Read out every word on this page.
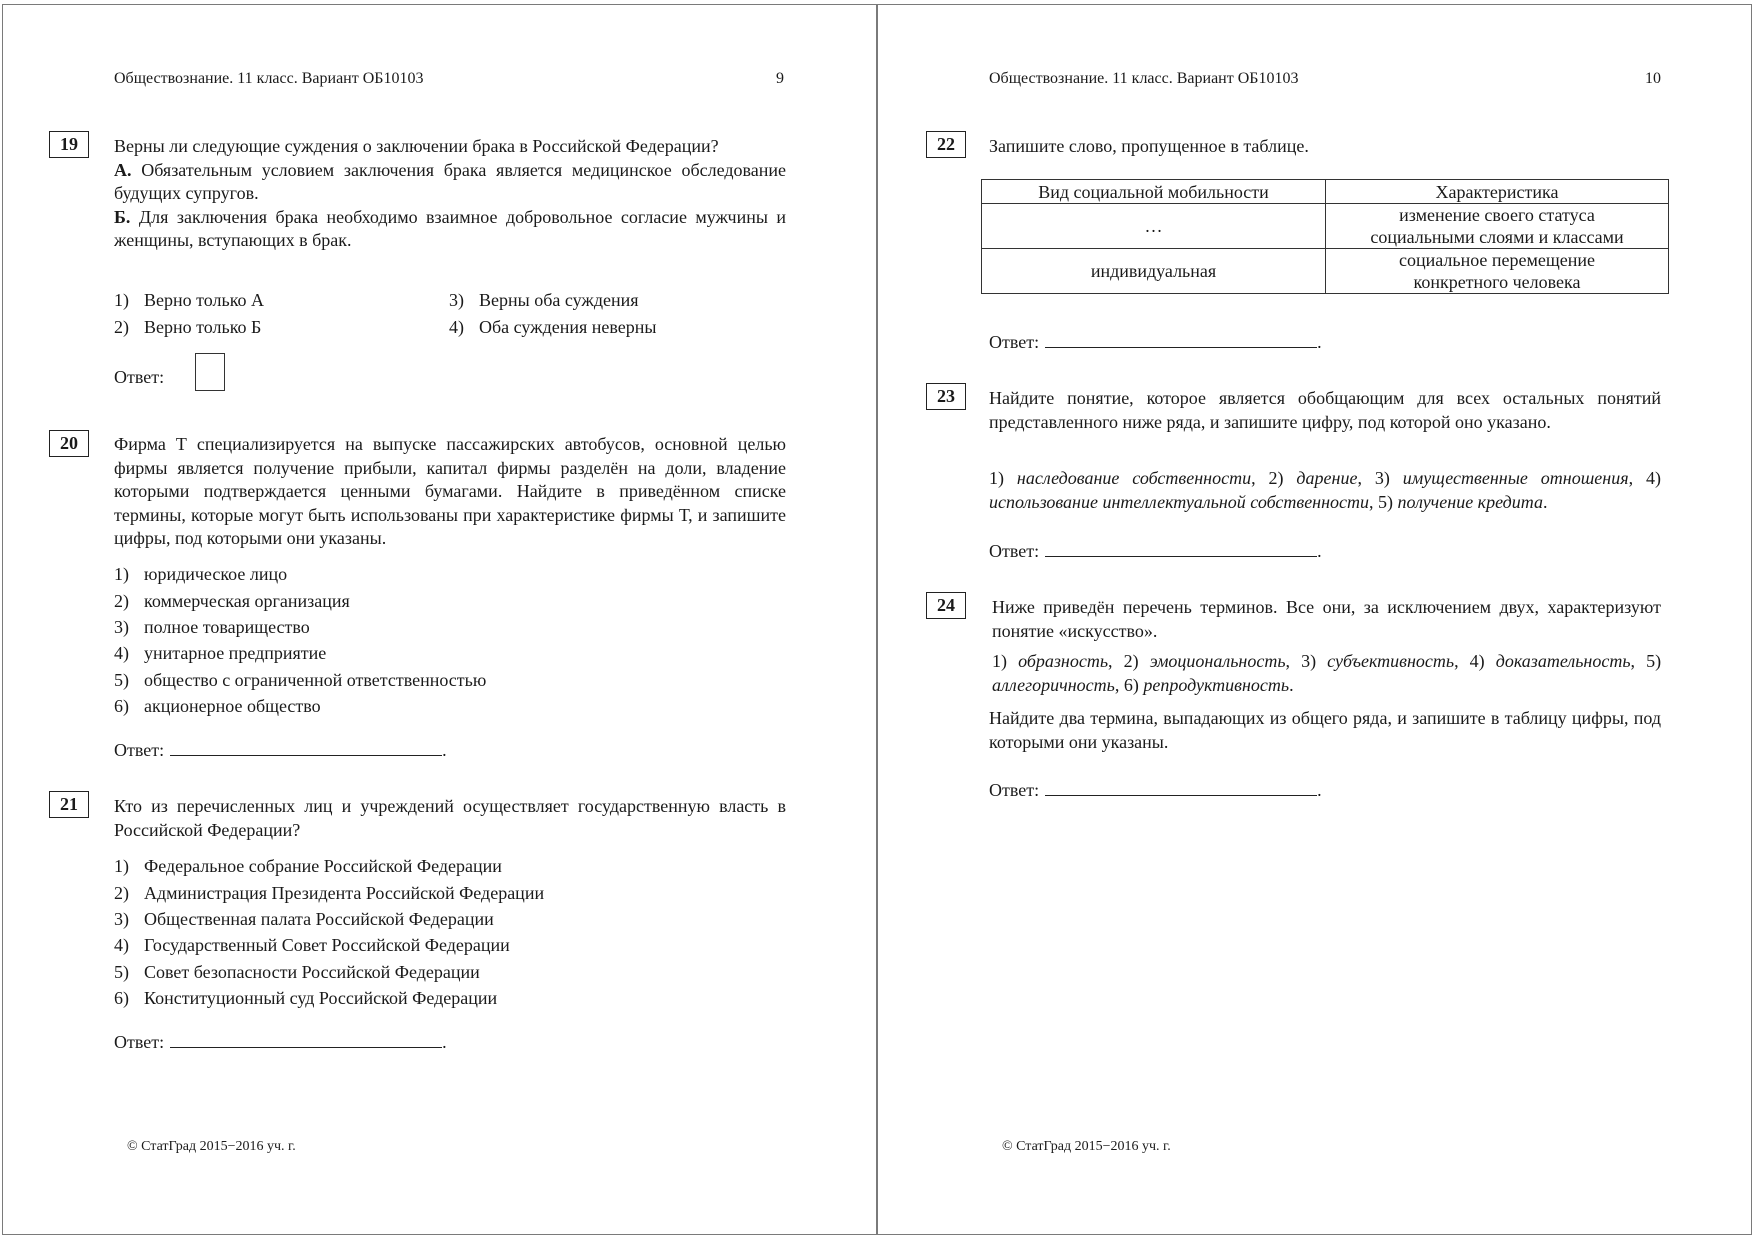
Обществознание. 11 класс. Вариант ОБ10103	9
19	Верны ли следующие суждения о заключении брака в Российской Федерации?

А. Обязательным условием заключения брака является медицинское обследование будущих супругов.

Б. Для заключения брака необходимо взаимное добровольное согласие мужчины и женщины, вступающих в брак.

1) Верно только А
2) Верно только Б
3) Верны оба суждения
4) Оба суждения неверны
Ответ:
20	Фирма Т специализируется на выпуске пассажирских автобусов, основной целью фирмы является получение прибыли, капитал фирмы разделён на доли, владение которыми подтверждается ценными бумагами. Найдите в приведённом списке термины, которые могут быть использованы при характеристике фирмы Т, и запишите цифры, под которыми они указаны.
1) юридическое лицо
2) коммерческая организация
3) полное товарищество
4) унитарное предприятие
5) общество с ограниченной ответственностью
6) акционерное общество
Ответ:	.
21	Кто из перечисленных лиц и учреждений осуществляет государственную власть в Российской Федерации?
1) Федеральное собрание Российской Федерации
2) Администрация Президента Российской Федерации
3) Общественная палата Российской Федерации
4) Государственный Совет Российской Федерации
5) Совет безопасности Российской Федерации
6) Конституционный суд Российской Федерации
Ответ:	.
© СтатГрад 2015−2016 уч. г.
Обществознание. 11 класс. Вариант ОБ10103	10
22	Запишите слово, пропущенное в таблице.
Вид социальной мобильности	Характеристика
…	изменение своего статуса
социальными слоями и классами
индивидуальная	социальное перемещение
конкретного человека
Ответ:	.
23	Найдите понятие, которое является обобщающим для всех остальных понятий представленного ниже ряда, и запишите цифру, под которой оно указано.
1) наследование собственности, 2) дарение, 3) имущественные отношения, 4) использование интеллектуальной собственности, 5) получение кредита.
Ответ:	.
24	Ниже приведён перечень терминов. Все они, за исключением двух, характеризуют понятие «искусство».
1) образность, 2) эмоциональность, 3) субъективность, 4) доказательность, 5) аллегоричность, 6) репродуктивность.
Найдите два термина, выпадающих из общего ряда, и запишите в таблицу цифры, под которыми они указаны.
Ответ:	.
© СтатГрад 2015−2016 уч. г.
